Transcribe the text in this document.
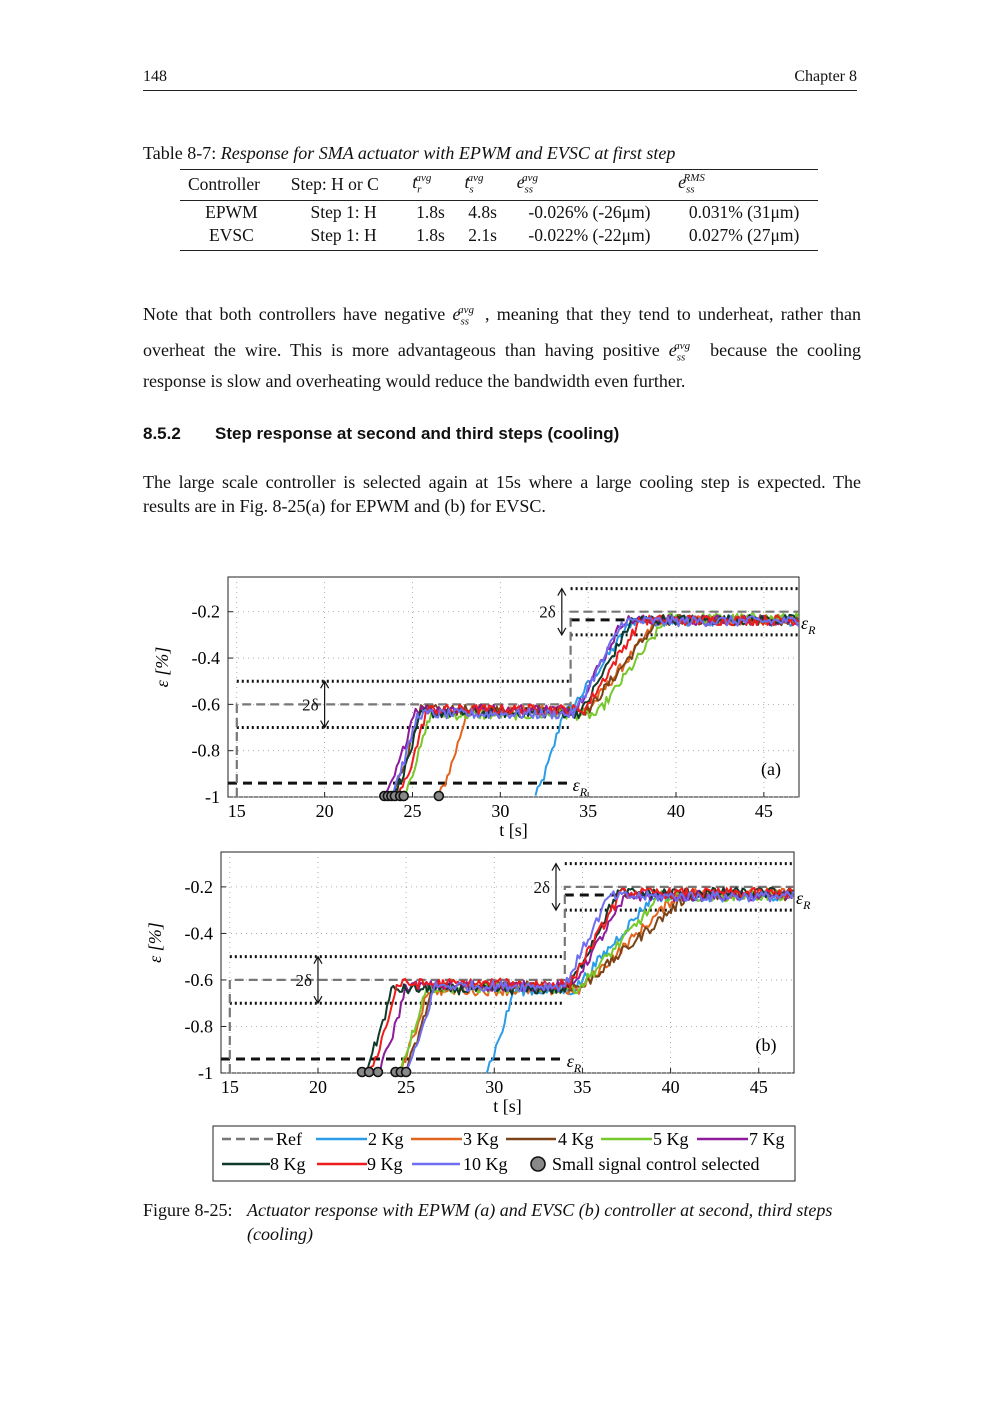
148	Chapter 8
Table 8-7: Response for SMA actuator with EPWM and EVSC at first step
Controller	Step: H or C	$t_r^{avg}$	$t_s^{avg}$	$e_{ss}^{avg}$	$e_{ss}^{RMS}$
EPWM	Step 1: H	1.8s	4.8s	-0.026% (-26μm)	0.031% (31μm)
EVSC	Step 1: H	1.8s	2.1s	-0.022% (-22μm)	0.027% (27μm)
Note that both controllers have negative $e_{ss}^{avg}$ , meaning that they tend to underheat, rather than overheat the wire. This is more advantageous than having positive $e_{ss}^{avg}$ because the cooling response is slow and overheating would reduce the bandwidth even further.
8.5.2 Step response at second and third steps (cooling)
The large scale controller is selected again at 15s where a large cooling step is expected. The results are in Fig. 8-25(a) for EPWM and (b) for EVSC.
15	20	25	30	35	40	45
-1
-0.8
-0.6
-0.4
-0.2
t [s]
ε [%]
2δ
2δ
$\varepsilon_R$
$\varepsilon_R$
(a)
15	20	25	30	35	40	45
-1
-0.8
-0.6
-0.4
-0.2
t [s]
ε [%]
2δ
2δ
$\varepsilon_R$
$\varepsilon_R$
(b)
Ref	2 Kg	3 Kg	4 Kg	5 Kg	7 Kg
8 Kg	9 Kg	10 Kg Small signal control selected
Figure 8-25: Actuator response with EPWM (a) and EVSC (b) controller at second, third steps (cooling)
